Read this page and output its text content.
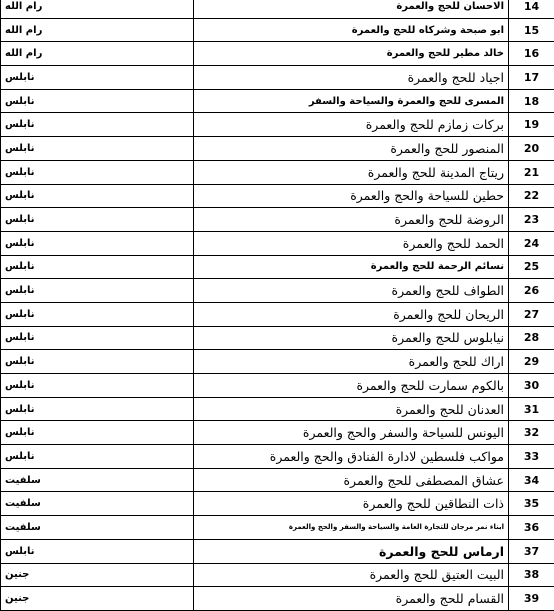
رام الله	الاحسان للحج والعمرة	14
رام الله	ابو صبحة وشركاه للحج والعمرة	15
رام الله	خالد مطير للحج والعمرة	16
نابلس	اجياد للحج والعمرة	17
نابلس	المسرى للحج والعمرة والسياحة والسفر	18
نابلس	بركات زمازم للحج والعمرة	19
نابلس	المنصور للحج والعمرة	20
نابلس	ريتاج المدينة للحج والعمرة	21
نابلس	حطين للسياحة والحج والعمرة	22
نابلس	الروضة للحج والعمرة	23
نابلس	الحمد للحج والعمرة	24
نابلس	نسائم الرحمة للحج والعمرة	25
نابلس	الطواف للحج والعمرة	26
نابلس	الريحان للحج والعمرة	27
نابلس	نيابلوس للحج والعمرة	28
نابلس	اراك للحج والعمرة	29
نابلس	بالكوم سمارت للحج والعمرة	30
نابلس	العدنان للحج والعمرة	31
نابلس	اليونس للسياحة والسفر والحج والعمرة	32
نابلس	مواكب فلسطين لادارة الفنادق والحج والعمرة	33
سلفيت	عشاق المصطفى للحج والعمرة	34
سلفيت	ذات النطاقين للحج والعمرة	35
سلفيت	ابناء نمر مرجان للتجارة العامة والسياحة والسفر والحج والعمرة	36
نابلس	ارماس للحج والعمرة	37
جنين	البيت العتيق للحج والعمرة	38
جنين	القسام للحج والعمرة	39
